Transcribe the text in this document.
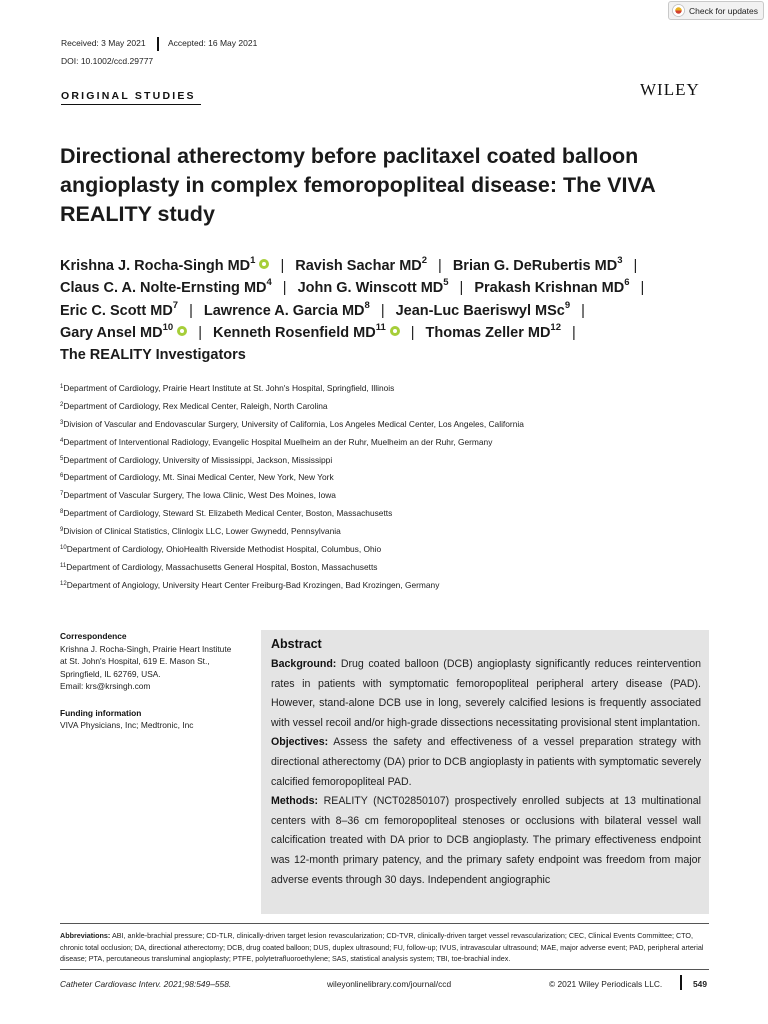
Check for updates
Received: 3 May 2021	Accepted: 16 May 2021
DOI: 10.1002/ccd.29777
ORIGINAL STUDIES	WILEY
Directional atherectomy before paclitaxel coated balloon angioplasty in complex femoropopliteal disease: The VIVA REALITY study
Krishna J. Rocha-Singh $MD^1$ | Ravish Sachar $MD^2$ | Brian G. DeRubertis $MD^3$ |
Claus C. A. Nolte-Ernsting $MD^4$ | John G. Winscott $MD^5$ | Prakash Krishnan $MD^6$ |
Eric C. Scott $MD^7$ | Lawrence A. Garcia $MD^8$ | Jean-Luc Baeriswyl MSc$^9$ |
Gary Ansel MD$^{10}$ | Kenneth Rosenfield MD$^{11}$ | Thomas Zeller MD$^{12}$ |
The REALITY Investigators
$^1$Department of Cardiology, Prairie Heart Institute at St. John's Hospital, Springfield, Illinois
$^2$Department of Cardiology, Rex Medical Center, Raleigh, North Carolina
$^3$Division of Vascular and Endovascular Surgery, University of California, Los Angeles Medical Center, Los Angeles, California
$^4$Department of Interventional Radiology, Evangelic Hospital Muelheim an der Ruhr, Muelheim an der Ruhr, Germany
$^5$Department of Cardiology, University of Mississippi, Jackson, Mississippi
$^6$Department of Cardiology, Mt. Sinai Medical Center, New York, New York
$^7$Department of Vascular Surgery, The Iowa Clinic, West Des Moines, Iowa
$^8$Department of Cardiology, Steward St. Elizabeth Medical Center, Boston, Massachusetts
$^9$Division of Clinical Statistics, Clinlogix LLC, Lower Gwynedd, Pennsylvania
$^{10}$Department of Cardiology, OhioHealth Riverside Methodist Hospital, Columbus, Ohio
$^{11}$Department of Cardiology, Massachusetts General Hospital, Boston, Massachusetts
$^{12}$Department of Angiology, University Heart Center Freiburg-Bad Krozingen, Bad Krozingen, Germany
Correspondence
Krishna J. Rocha-Singh, Prairie Heart Institute
at St. John's Hospital, 619 E. Mason St.,
Springfield, IL 62769, USA.
Email: krs@krsingh.com
Funding information
VIVA Physicians, Inc; Medtronic, Inc
Abstract

Background: Drug coated balloon (DCB) angioplasty significantly reduces reintervention rates in patients with symptomatic femoropopliteal peripheral artery disease (PAD). However, stand-alone DCB use in long, severely calcified lesions is frequently associated with vessel recoil and/or high-grade dissections necessitating provisional stent implantation.

Objectives: Assess the safety and effectiveness of a vessel preparation strategy with directional atherectomy (DA) prior to DCB angioplasty in patients with symptomatic severely calcified femoropopliteal PAD.

Methods: REALITY (NCT02850107) prospectively enrolled subjects at 13 multinational centers with 8–36 cm femoropopliteal stenoses or occlusions with bilateral vessel wall calcification treated with DA prior to DCB angioplasty. The primary effectiveness endpoint was 12-month primary patency, and the primary safety endpoint was freedom from major adverse events through 30 days. Independent angiographic

Abbreviations: ABI, ankle-brachial pressure; CD-TLR, clinically-driven target lesion revascularization; CD-TVR, clinically-driven target vessel revascularization; CEC, Clinical Events Committee; CTO, chronic total occlusion; DA, directional atherectomy; DCB, drug coated balloon; DUS, duplex ultrasound; FU, follow-up; IVUS, intravascular ultrasound; MAE, major adverse event; PAD, peripheral arterial disease; PTA, percutaneous transluminal angioplasty; PTFE, polytetrafluoroethylene; SAS, statistical analysis system; TBI, toe-brachial index.
Catheter Cardiovasc Interv. 2021;98:549–558.	wileyonlinelibrary.com/journal/ccd	© 2021 Wiley Periodicals LLC.	549
